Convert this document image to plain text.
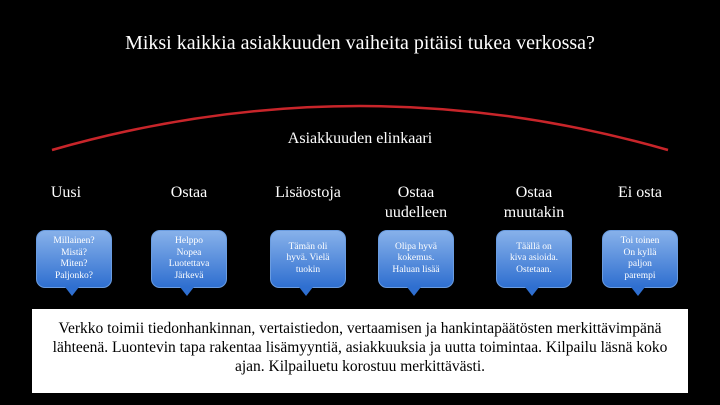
Miksi kaikkia asiakkuuden vaiheita pitäisi tukea verkossa?
Asiakkuuden elinkaari
Uusi
Millainen?
Mistä?
Miten?
Paljonko?
Ostaa
Helppo
Nopea
Luotettava
Järkevä
Lisäostoja
Tämän oli
hyvä. Vielä
tuokin
Ostaa
uudelleen
Olipa hyvä
kokemus.
Haluan lisää
Ostaa
muutakin
Täällä on
kiva asioida.
Ostetaan.
Ei osta
Toi toinen
On kyllä
paljon
parempi
Verkko toimii tiedonhankinnan, vertaistiedon, vertaamisen ja hankintapäätösten merkittävimpänä lähteenä. Luontevin tapa rakentaa lisämyyntiä, asiakkuuksia ja uutta toimintaa. Kilpailu läsnä koko ajan. Kilpailuetu korostuu merkittävästi.
